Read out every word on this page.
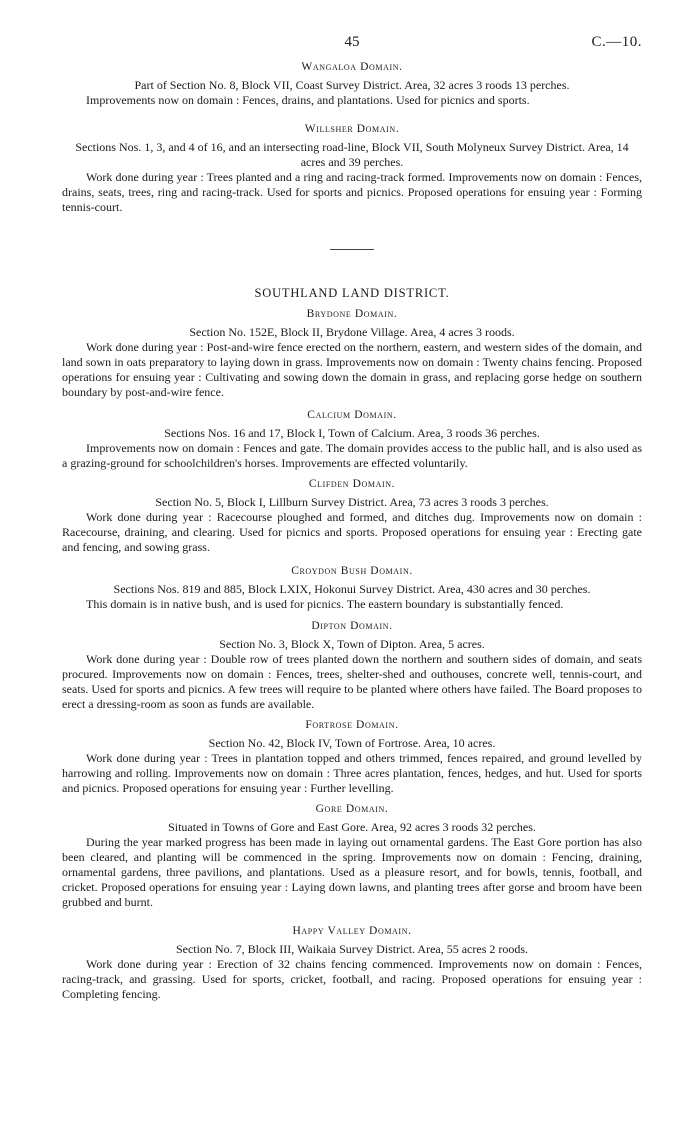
45	C.—10.

Wangaloa Domain.

Part of Section No. 8, Block VII, Coast Survey District. Area, 32 acres 3 roods 13 perches.

Improvements now on domain : Fences, drains, and plantations. Used for picnics and sports.

Willsher Domain.

Sections Nos. 1, 3, and 4 of 16, and an intersecting road-line, Block VII, South Molyneux Survey District. Area, 14 acres and 39 perches.

Work done during year : Trees planted and a ring and racing-track formed. Improvements now on domain : Fences, drains, seats, trees, ring and racing-track. Used for sports and picnics. Proposed operations for ensuing year : Forming tennis-court.

SOUTHLAND LAND DISTRICT.

Brydone Domain.

Section No. 152E, Block II, Brydone Village. Area, 4 acres 3 roods.

Work done during year : Post-and-wire fence erected on the northern, eastern, and western sides of the domain, and land sown in oats preparatory to laying down in grass. Improvements now on domain : Twenty chains fencing. Proposed operations for ensuing year : Cultivating and sowing down the domain in grass, and replacing gorse hedge on southern boundary by post-and-wire fence.

Calcium Domain.

Sections Nos. 16 and 17, Block I, Town of Calcium. Area, 3 roods 36 perches.

Improvements now on domain : Fences and gate. The domain provides access to the public hall, and is also used as a grazing-ground for schoolchildren's horses. Improvements are effected voluntarily.

Clifden Domain.

Section No. 5, Block I, Lillburn Survey District. Area, 73 acres 3 roods 3 perches.

Work done during year : Racecourse ploughed and formed, and ditches dug. Improvements now on domain : Racecourse, draining, and clearing. Used for picnics and sports. Proposed operations for ensuing year : Erecting gate and fencing, and sowing grass.

Croydon Bush Domain.

Sections Nos. 819 and 885, Block LXIX, Hokonui Survey District. Area, 430 acres and 30 perches.

This domain is in native bush, and is used for picnics. The eastern boundary is substantially fenced.

Dipton Domain.

Section No. 3, Block X, Town of Dipton. Area, 5 acres.

Work done during year : Double row of trees planted down the northern and southern sides of domain, and seats procured. Improvements now on domain : Fences, trees, shelter-shed and outhouses, concrete well, tennis-court, and seats. Used for sports and picnics. A few trees will require to be planted where others have failed. The Board proposes to erect a dressing-room as soon as funds are available.

Fortrose Domain.

Section No. 42, Block IV, Town of Fortrose. Area, 10 acres.

Work done during year : Trees in plantation topped and others trimmed, fences repaired, and ground levelled by harrowing and rolling. Improvements now on domain : Three acres plantation, fences, hedges, and hut. Used for sports and picnics. Proposed operations for ensuing year : Further levelling.

Gore Domain.

Situated in Towns of Gore and East Gore. Area, 92 acres 3 roods 32 perches.

During the year marked progress has been made in laying out ornamental gardens. The East Gore portion has also been cleared, and planting will be commenced in the spring. Improvements now on domain : Fencing, draining, ornamental gardens, three pavilions, and plantations. Used as a pleasure resort, and for bowls, tennis, football, and cricket. Proposed operations for ensuing year : Laying down lawns, and planting trees after gorse and broom have been grubbed and burnt.

Happy Valley Domain.

Section No. 7, Block III, Waikaia Survey District. Area, 55 acres 2 roods.

Work done during year : Erection of 32 chains fencing commenced. Improvements now on domain : Fences, racing-track, and grassing. Used for sports, cricket, football, and racing. Proposed operations for ensuing year : Completing fencing.
